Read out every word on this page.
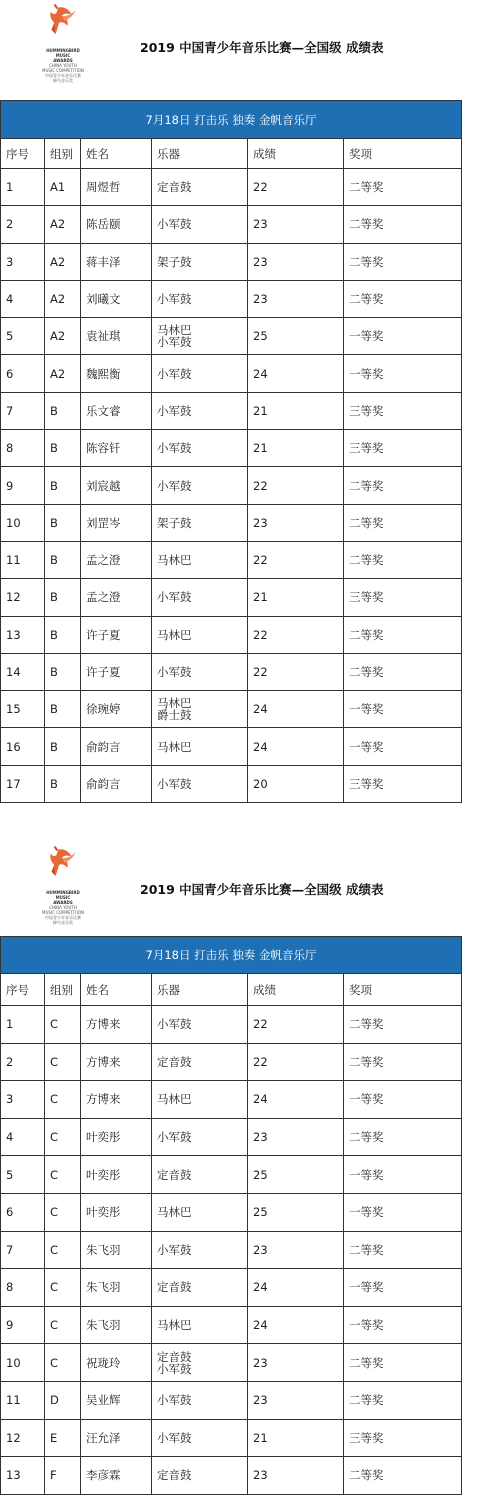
HUMMINGBIRD
MUSIC
AWARDS
CHINA YOUTH
MUSIC COMPETITION
中国青少年音乐比赛
蜂鸟音乐奖
2019 中国青少年音乐比赛—全国级 成绩表
7月18日 打击乐 独奏 金帆音乐厅					
序号	组别	姓名	乐器	成绩	奖项
1	A1	周煜哲	定音鼓	22	二等奖
2	A2	陈岳颐	小军鼓	23	二等奖
3	A2	蒋丰泽	架子鼓	23	二等奖
4	A2	刘曦文	小军鼓	23	二等奖
5	A2	袁祉琪	马林巴
小军鼓	25	一等奖
6	A2	魏熙衡	小军鼓	24	一等奖
7	B	乐文睿	小军鼓	21	三等奖
8	B	陈容钎	小军鼓	21	三等奖
9	B	刘宸越	小军鼓	22	二等奖
10	B	刘罡岑	架子鼓	23	二等奖
11	B	孟之澄	马林巴	22	二等奖
12	B	孟之澄	小军鼓	21	三等奖
13	B	许子夏	马林巴	22	二等奖
14	B	许子夏	小军鼓	22	二等奖
15	B	徐琬婷	马林巴
爵士鼓	24	一等奖
16	B	俞韵言	马林巴	24	一等奖
17	B	俞韵言	小军鼓	20	三等奖
HUMMINGBIRD
MUSIC
AWARDS
CHINA YOUTH
MUSIC COMPETITION
中国青少年音乐比赛
蜂鸟音乐奖
2019 中国青少年音乐比赛—全国级 成绩表
7月18日 打击乐 独奏 金帆音乐厅					
序号	组别	姓名	乐器	成绩	奖项
1	C	方博来	小军鼓	22	二等奖
2	C	方博来	定音鼓	22	二等奖
3	C	方博来	马林巴	24	一等奖
4	C	叶奕彤	小军鼓	23	二等奖
5	C	叶奕彤	定音鼓	25	一等奖
6	C	叶奕彤	马林巴	25	一等奖
7	C	朱飞羽	小军鼓	23	二等奖
8	C	朱飞羽	定音鼓	24	一等奖
9	C	朱飞羽	马林巴	24	一等奖
10	C	祝珑玲	定音鼓
小军鼓	23	二等奖
11	D	吴业辉	小军鼓	23	二等奖
12	E	汪允泽	小军鼓	21	三等奖
13	F	李彦霖	定音鼓	23	二等奖
